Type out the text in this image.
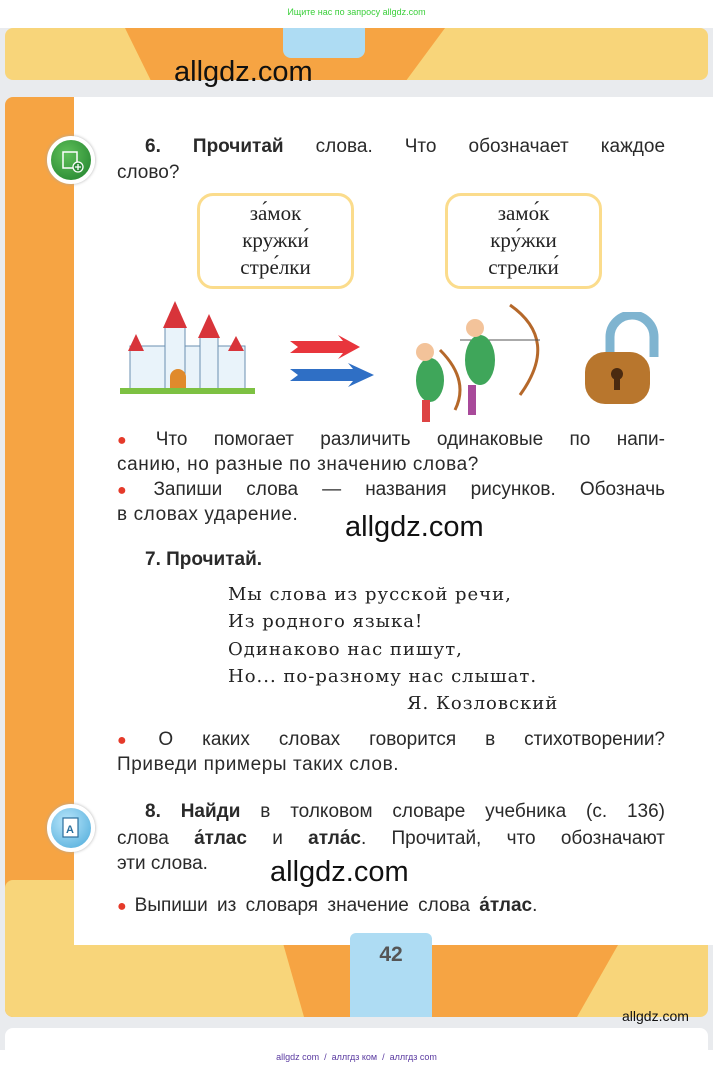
Ищите нас по запросу allgdz.com
42
allgdz com  /  аллгдз ком  /  аллгдз com
allgdz.com
allgdz.com
allgdz.com
allgdz.com
A
6. Прочитай слова. Что обозначает каждое
слово?
за́мок
кружки́
стре́лки
замо́к
кру́жки
стрелки́
● Что помогает различить одинаковые по напи-
санию, но разные по значению слова?
● Запиши слова — названия рисунков. Обозначь
в словах ударение.
7. Прочитай.
Мы слова из русской речи,
Из родного языка!
Одинаково нас пишут,
Но... по-разному нас слышат.
Я. Козловский
● О каких словах говорится в стихотворении?
Приведи примеры таких слов.
8. Найди в толковом словаре учебника (с. 136)
слова а́тлас и атла́с. Прочитай, что обозначают
эти слова.
● Выпиши из словаря значение слова а́тлас.
